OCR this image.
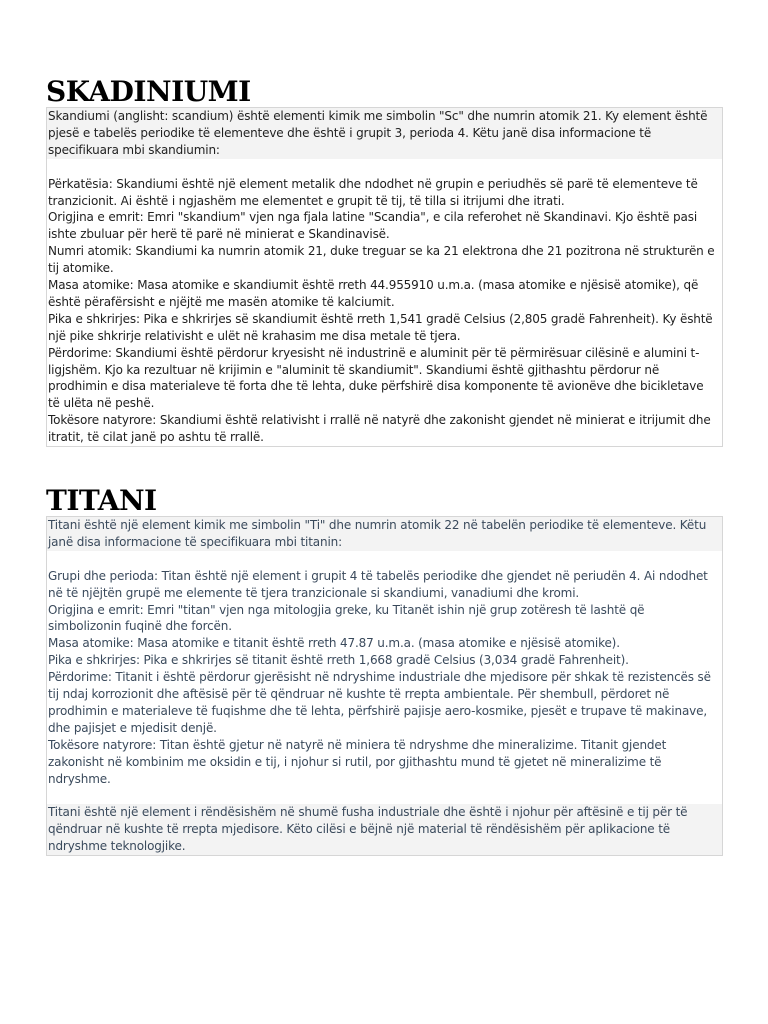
SKADINIUMI
Skandiumi (anglisht: scandium) është elementi kimik me simbolin "Sc" dhe numrin atomik 21. Ky element është
pjesë e tabelës periodike të elementeve dhe është i grupit 3, perioda 4. Këtu janë disa informacione të
specifikuara mbi skandiumin:
Përkatësia: Skandiumi është një element metalik dhe ndodhet në grupin e periudhës së parë të elementeve të
tranzicionit. Ai është i ngjashëm me elementet e grupit të tij, të tilla si itrijumi dhe itrati.
Origjina e emrit: Emri "skandium" vjen nga fjala latine "Scandia", e cila referohet në Skandinavi. Kjo është pasi
ishte zbuluar për herë të parë në minierat e Skandinavisë.
Numri atomik: Skandiumi ka numrin atomik 21, duke treguar se ka 21 elektrona dhe 21 pozitrona në strukturën e
tij atomike.
Masa atomike: Masa atomike e skandiumit është rreth 44.955910 u.m.a. (masa atomike e njësisë atomike), që
është përafërsisht e njëjtë me masën atomike të kalciumit.
Pika e shkrirjes: Pika e shkrirjes së skandiumit është rreth 1,541 gradë Celsius (2,805 gradë Fahrenheit). Ky është
një pike shkrirje relativisht e ulët në krahasim me disa metale të tjera.
Përdorime: Skandiumi është përdorur kryesisht në industrinë e aluminit për të përmirësuar cilësinë e alumini t-
ligjshëm. Kjo ka rezultuar në krijimin e "aluminit të skandiumit". Skandiumi është gjithashtu përdorur në
prodhimin e disa materialeve të forta dhe të lehta, duke përfshirë disa komponente të avionëve dhe bicikletave
të ulëta në peshë.
Tokësore natyrore: Skandiumi është relativisht i rrallë në natyrë dhe zakonisht gjendet në minierat e itrijumit dhe
itratit, të cilat janë po ashtu të rrallë.
TITANI
Titani është një element kimik me simbolin "Ti" dhe numrin atomik 22 në tabelën periodike të elementeve. Këtu
janë disa informacione të specifikuara mbi titanin:
Grupi dhe perioda: Titan është një element i grupit 4 të tabelës periodike dhe gjendet në periudën 4. Ai ndodhet
në të njëjtën grupë me elemente të tjera tranzicionale si skandiumi, vanadiumi dhe kromi.
Origjina e emrit: Emri "titan" vjen nga mitologjia greke, ku Titanët ishin një grup zotëresh të lashtë që
simbolizonin fuqinë dhe forcën.
Masa atomike: Masa atomike e titanit është rreth 47.87 u.m.a. (masa atomike e njësisë atomike).
Pika e shkrirjes: Pika e shkrirjes së titanit është rreth 1,668 gradë Celsius (3,034 gradë Fahrenheit).
Përdorime: Titanit i është përdorur gjerësisht në ndryshime industriale dhe mjedisore për shkak të rezistencës së
tij ndaj korrozionit dhe aftësisë për të qëndruar në kushte të rrepta ambientale. Për shembull, përdoret në
prodhimin e materialeve të fuqishme dhe të lehta, përfshirë pajisje aero-kosmike, pjesët e trupave të makinave,
dhe pajisjet e mjedisit denjë.
Tokësore natyrore: Titan është gjetur në natyrë në miniera të ndryshme dhe mineralizime. Titanit gjendet
zakonisht në kombinim me oksidin e tij, i njohur si rutil, por gjithashtu mund të gjetet në mineralizime të
ndryshme.
Titani është një element i rëndësishëm në shumë fusha industriale dhe është i njohur për aftësinë e tij për të
qëndruar në kushte të rrepta mjedisore. Këto cilësi e bëjnë një material të rëndësishëm për aplikacione të
ndryshme teknologjike.
